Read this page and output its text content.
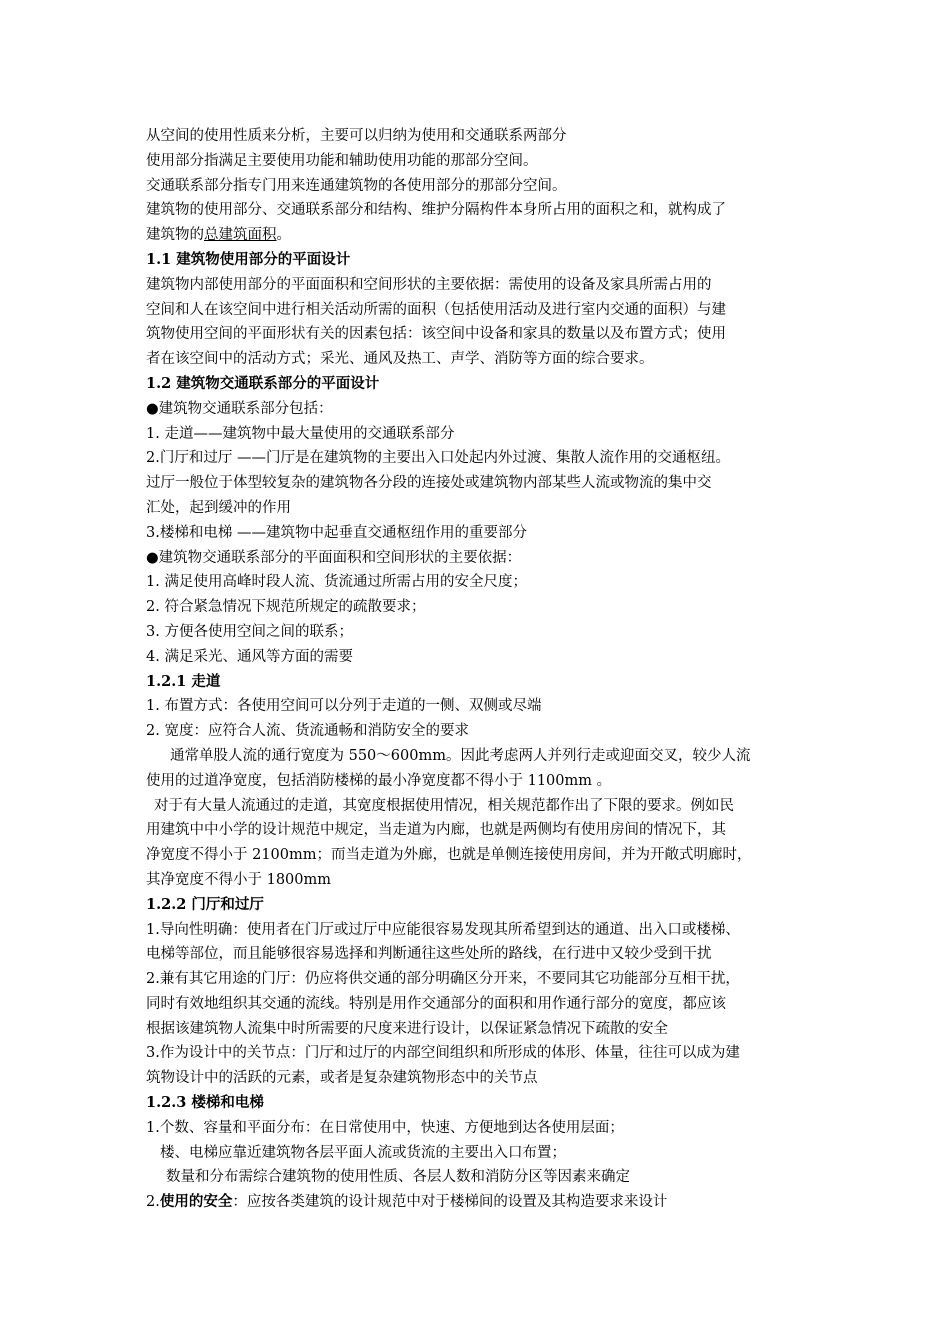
从空间的使用性质来分析，主要可以归纳为使用和交通联系两部分
使用部分指满足主要使用功能和辅助使用功能的那部分空间。
交通联系部分指专门用来连通建筑物的各使用部分的那部分空间。
建筑物的使用部分、交通联系部分和结构、维护分隔构件本身所占用的面积之和，就构成了
建筑物的总建筑面积。
1.1 建筑物使用部分的平面设计
建筑物内部使用部分的平面面积和空间形状的主要依据：需使用的设备及家具所需占用的
空间和人在该空间中进行相关活动所需的面积（包括使用活动及进行室内交通的面积）与建
筑物使用空间的平面形状有关的因素包括：该空间中设备和家具的数量以及布置方式；使用
者在该空间中的活动方式；采光、通风及热工、声学、消防等方面的综合要求。
1.2 建筑物交通联系部分的平面设计
●建筑物交通联系部分包括：
1. 走道——建筑物中最大量使用的交通联系部分
2.门厅和过厅 ——门厅是在建筑物的主要出入口处起内外过渡、集散人流作用的交通枢纽。
过厅一般位于体型较复杂的建筑物各分段的连接处或建筑物内部某些人流或物流的集中交
汇处，起到缓冲的作用
3.楼梯和电梯 ——建筑物中起垂直交通枢纽作用的重要部分
●建筑物交通联系部分的平面面积和空间形状的主要依据：
1. 满足使用高峰时段人流、货流通过所需占用的安全尺度；
2. 符合紧急情况下规范所规定的疏散要求；
3. 方便各使用空间之间的联系；
4. 满足采光、通风等方面的需要
1.2.1 走道
1. 布置方式：各使用空间可以分列于走道的一侧、双侧或尽端
2. 宽度：应符合人流、货流通畅和消防安全的要求
通常单股人流的通行宽度为 550～600mm。因此考虑两人并列行走或迎面交叉，较少人流
使用的过道净宽度，包括消防楼梯的最小净宽度都不得小于 1100mm 。
对于有大量人流通过的走道，其宽度根据使用情况，相关规范都作出了下限的要求。例如民
用建筑中中小学的设计规范中规定，当走道为内廊，也就是两侧均有使用房间的情况下，其
净宽度不得小于 2100mm；而当走道为外廊，也就是单侧连接使用房间，并为开敞式明廊时，
其净宽度不得小于 1800mm
1.2.2 门厅和过厅
1.导向性明确：使用者在门厅或过厅中应能很容易发现其所希望到达的通道、出入口或楼梯、
电梯等部位，而且能够很容易选择和判断通往这些处所的路线，在行进中又较少受到干扰
2.兼有其它用途的门厅：仍应将供交通的部分明确区分开来，不要同其它功能部分互相干扰，
同时有效地组织其交通的流线。特别是用作交通部分的面积和用作通行部分的宽度，都应该
根据该建筑物人流集中时所需要的尺度来进行设计，以保证紧急情况下疏散的安全
3.作为设计中的关节点：门厅和过厅的内部空间组织和所形成的体形、体量，往往可以成为建
筑物设计中的活跃的元素，或者是复杂建筑物形态中的关节点
1.2.3 楼梯和电梯
1.个数、容量和平面分布：在日常使用中，快速、方便地到达各使用层面；
楼、电梯应靠近建筑物各层平面人流或货流的主要出入口布置；
数量和分布需综合建筑物的使用性质、各层人数和消防分区等因素来确定
2.使用的安全：应按各类建筑的设计规范中对于楼梯间的设置及其构造要求来设计
